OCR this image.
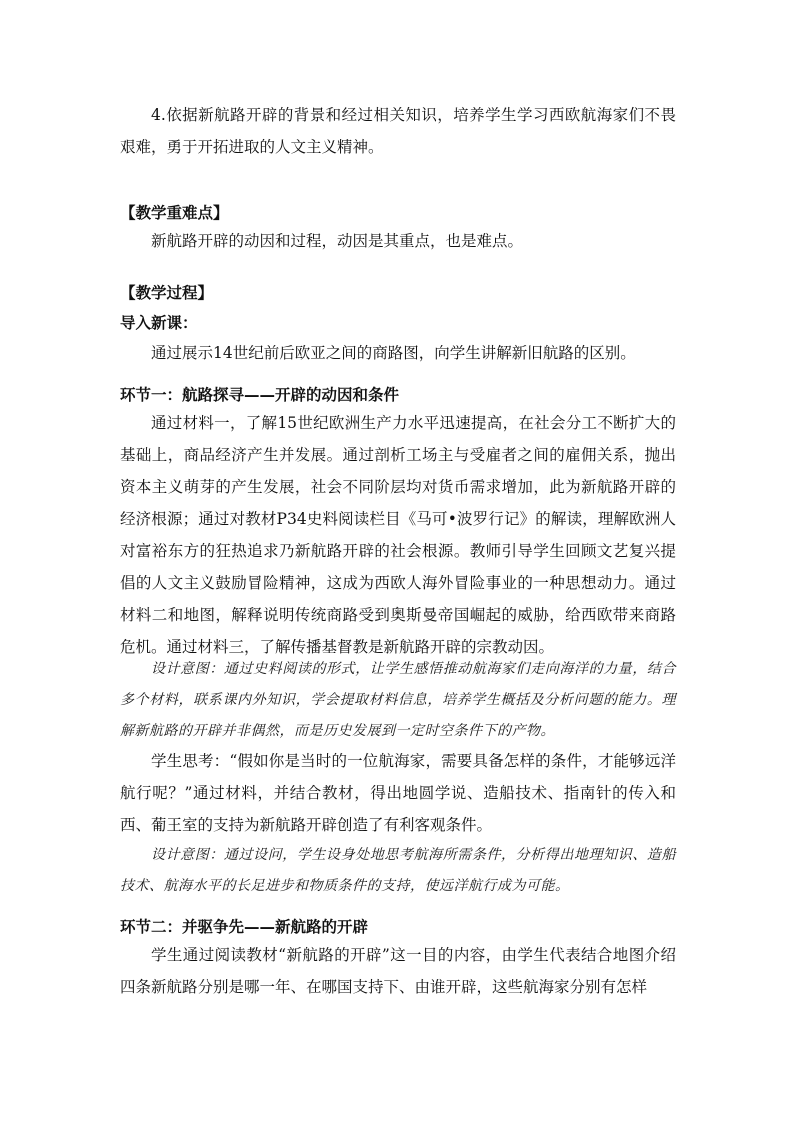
4.依据新航路开辟的背景和经过相关知识，培养学生学习西欧航海家们不畏艰难，勇于开拓进取的人文主义精神。

【教学重难点】

新航路开辟的动因和过程，动因是其重点，也是难点。

【教学过程】

导入新课：

通过展示14世纪前后欧亚之间的商路图，向学生讲解新旧航路的区别。

环节一：航路探寻——开辟的动因和条件

通过材料一，了解15世纪欧洲生产力水平迅速提高，在社会分工不断扩大的基础上，商品经济产生并发展。通过剖析工场主与受雇者之间的雇佣关系，抛出资本主义萌芽的产生发展，社会不同阶层均对货币需求增加，此为新航路开辟的经济根源；通过对教材P34史料阅读栏目《马可•波罗行记》的解读，理解欧洲人对富裕东方的狂热追求乃新航路开辟的社会根源。教师引导学生回顾文艺复兴提倡的人文主义鼓励冒险精神，这成为西欧人海外冒险事业的一种思想动力。通过材料二和地图，解释说明传统商路受到奥斯曼帝国崛起的威胁，给西欧带来商路危机。通过材料三，了解传播基督教是新航路开辟的宗教动因。

设计意图：通过史料阅读的形式，让学生感悟推动航海家们走向海洋的力量，结合多个材料，联系课内外知识，学会提取材料信息，培养学生概括及分析问题的能力。理解新航路的开辟并非偶然，而是历史发展到一定时空条件下的产物。

学生思考：“假如你是当时的一位航海家，需要具备怎样的条件，才能够远洋航行呢？”通过材料，并结合教材，得出地圆学说、造船技术、指南针的传入和西、葡王室的支持为新航路开辟创造了有利客观条件。

设计意图：通过设问，学生设身处地思考航海所需条件，分析得出地理知识、造船技术、航海水平的长足进步和物质条件的支持，使远洋航行成为可能。

环节二：并驱争先——新航路的开辟

学生通过阅读教材“新航路的开辟”这一目的内容，由学生代表结合地图介绍四条新航路分别是哪一年、在哪国支持下、由谁开辟，这些航海家分别有怎样
